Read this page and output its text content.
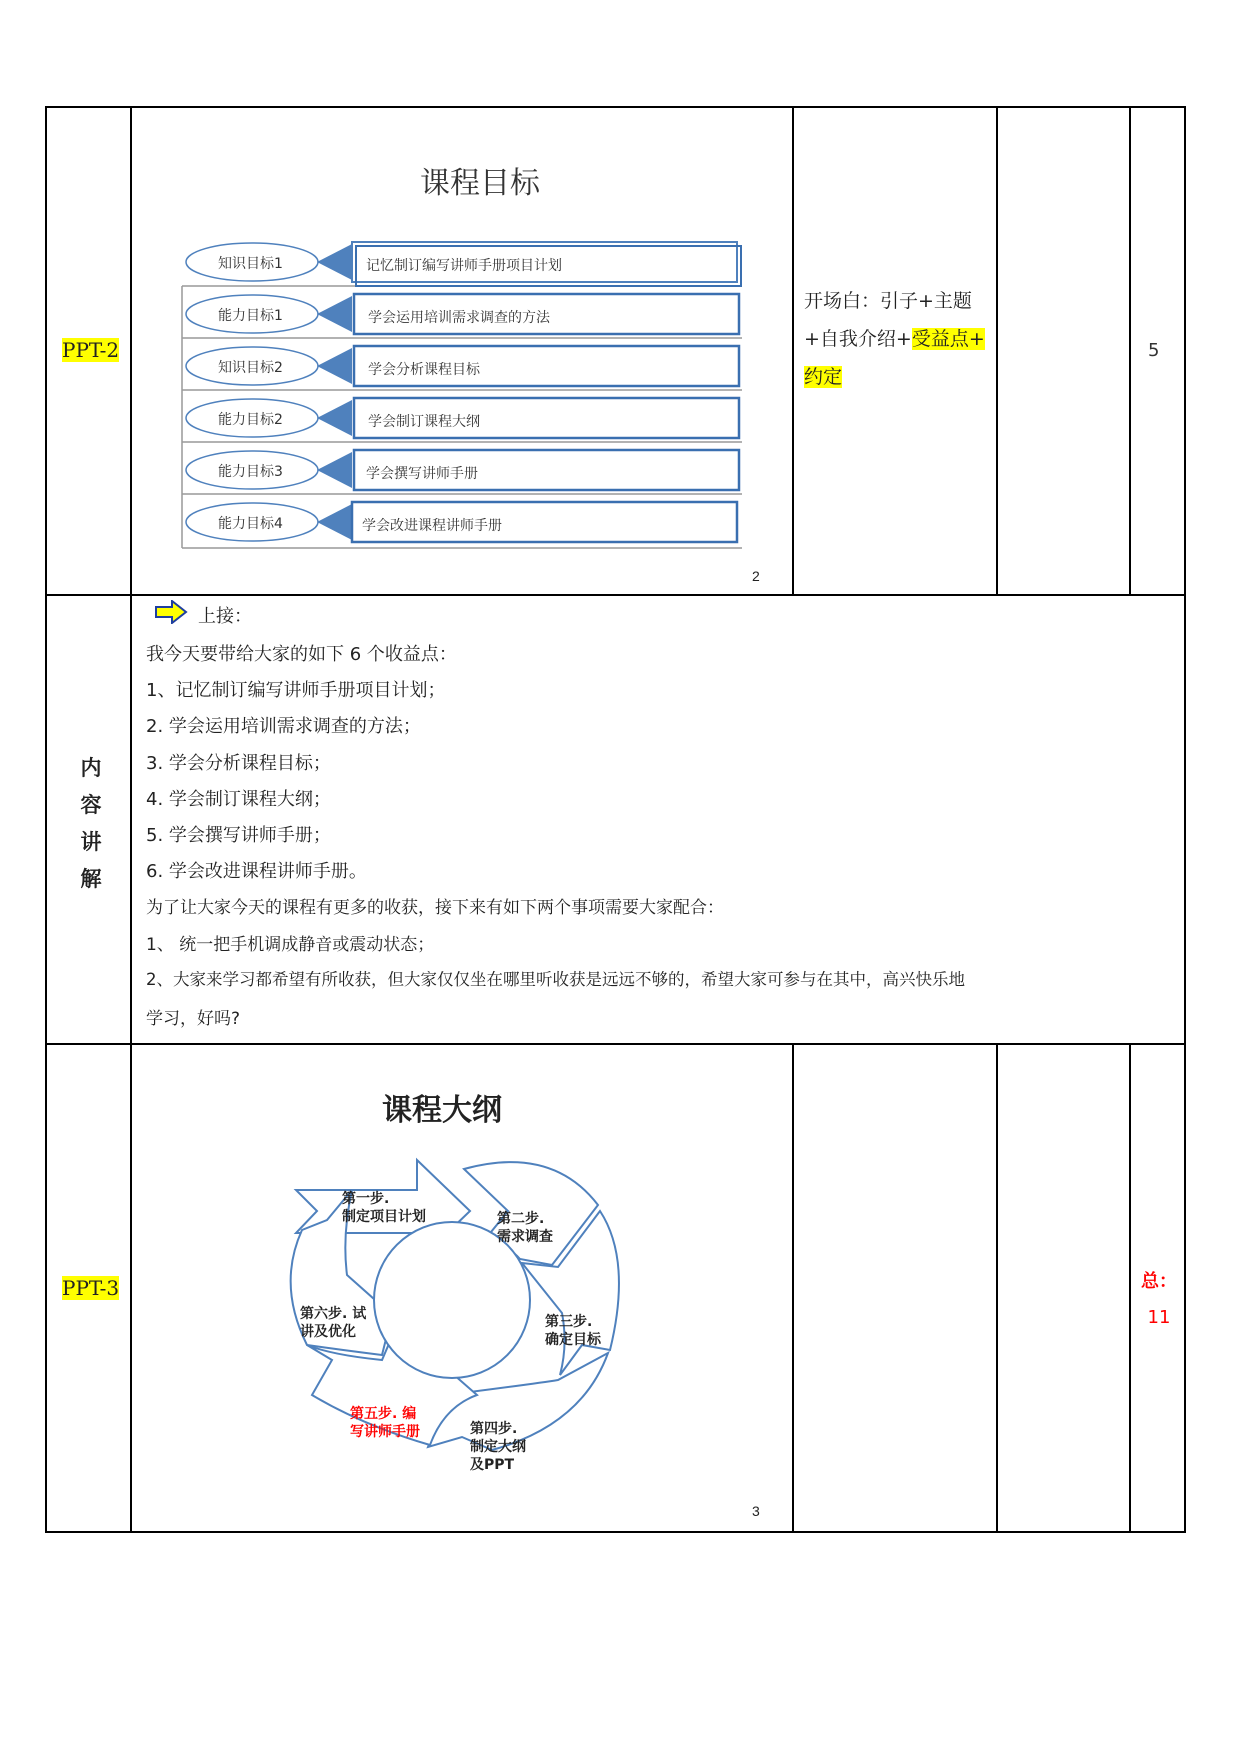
PPT-2
课程目标
知识目标1	记忆制订编写讲师手册项目计划
能力目标1	学会运用培训需求调查的方法
知识目标2	学会分析课程目标
能力目标2	学会制订课程大纲
能力目标3	学会撰写讲师手册
能力目标4	学会改进课程讲师手册
2
开场白：引子+主题
+自我介绍+受益点+
约定
5
内
容
讲
解
上接：
我今天要带给大家的如下 6 个收益点：
1、记忆制订编写讲师手册项目计划；
2. 学会运用培训需求调查的方法；
3. 学会分析课程目标；
4. 学会制订课程大纲；
5. 学会撰写讲师手册；
6. 学会改进课程讲师手册。
为了让大家今天的课程有更多的收获，接下来有如下两个事项需要大家配合：
1、 统一把手机调成静音或震动状态；
2、大家来学习都希望有所收获，但大家仅仅坐在哪里听收获是远远不够的，希望大家可参与在其中，高兴快乐地
学习，好吗?
PPT-3
课程大纲
第一步.
制定项目计划	第二步.
需求调查
第三步.
确定目标
第四步.
制定大纲
及PPT
第五步. 编
写讲师手册
第六步. 试
讲及优化
3
总：
11
